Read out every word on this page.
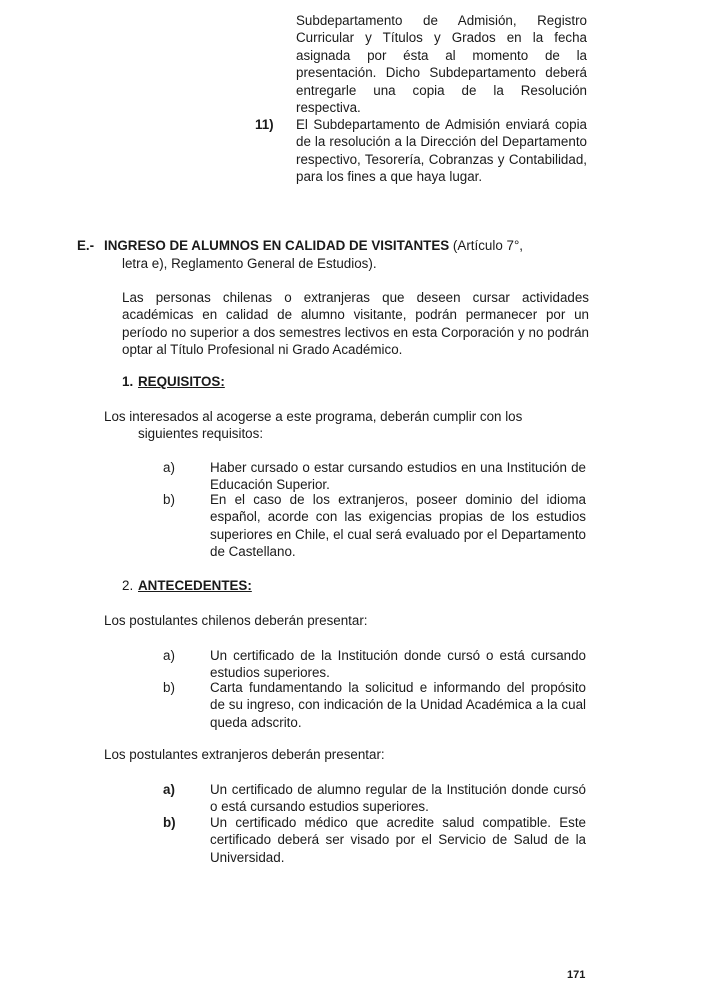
Subdepartamento de Admisión, Registro Curricular y Títulos y Grados en la fecha asignada por ésta al momento de la presentación. Dicho Subdepartamento deberá entregarle una copia de la Resolución respectiva.

11) El Subdepartamento de Admisión enviará copia de la resolución a la Dirección del Departamento respectivo, Tesorería, Cobranzas y Contabilidad, para los fines a que haya lugar.

E.- INGRESO DE ALUMNOS EN CALIDAD DE VISITANTES (Artículo 7°,
letra e), Reglamento General de Estudios).

Las personas chilenas o extranjeras que deseen cursar actividades académicas en calidad de alumno visitante, podrán permanecer por un período no superior a dos semestres lectivos en esta Corporación y no podrán optar al Título Profesional ni Grado Académico.

1. REQUISITOS:
Los interesados al acogerse a este programa, deberán cumplir con los
siguientes requisitos:
a)	Haber cursado o estar cursando estudios en una Institución de Educación Superior.

b)	En el caso de los extranjeros, poseer dominio del idioma español, acorde con las exigencias propias de los estudios superiores en Chile, el cual será evaluado por el Departamento de Castellano.

2. ANTECEDENTES:
Los postulantes chilenos deberán presentar:
a)	Un certificado de la Institución donde cursó o está cursando estudios superiores.

b)	Carta fundamentando la solicitud e informando del propósito de su ingreso, con indicación de la Unidad Académica a la cual queda adscrito.

Los postulantes extranjeros deberán presentar:
a)	Un certificado de alumno regular de la Institución donde cursó o está cursando estudios superiores.

b)	Un certificado médico que acredite salud compatible. Este certificado deberá ser visado por el Servicio de Salud de la Universidad.

171
